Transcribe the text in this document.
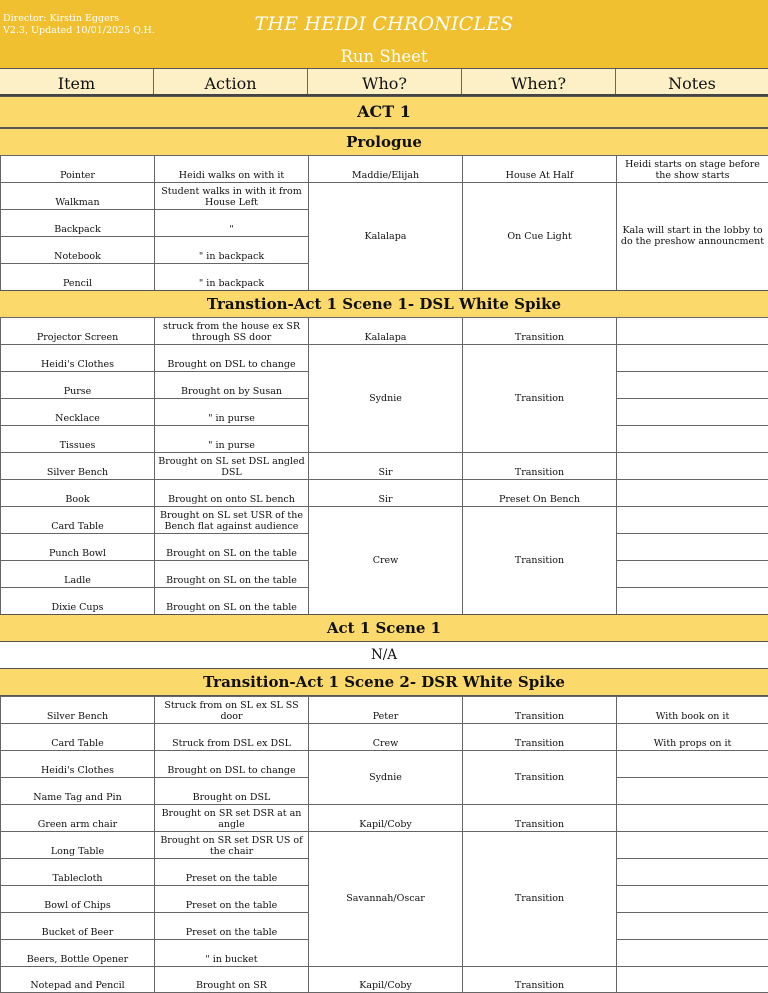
Director: Kirstin Eggers
V2.3, Updated 10/01/2025 Q.H.	THE HEIDI CHRONICLES
Run Sheet
Item	Action	Who?	When?	Notes
ACT 1
Prologue
Pointer	Heidi walks on with it	Maddie/Elijah	House At Half	Heidi starts on stage before the show starts
Walkman	Student walks in with it from House Left	Kalalapa	On Cue Light	Kala will start in the lobby to do the preshow announcment
Backpack	"			
Notebook	" in backpack			
Pencil	" in backpack			
Transtion-Act 1 Scene 1- DSL White Spike
Projector Screen	struck from the house ex SR through SS door	Kalalapa	Transition	
Heidi's Clothes	Brought on DSL to change	Sydnie	Transition	
Purse	Brought on by Susan			
Necklace	" in purse			
Tissues	" in purse			
Silver Bench	Brought on SL set DSL angled DSL	Sir	Transition	
Book	Brought on onto SL bench	Sir	Preset On Bench	
Card Table	Brought on SL set USR of the Bench flat against audience	Crew	Transition	
Punch Bowl	Brought on SL on the table			
Ladle	Brought on SL on the table			
Dixie Cups	Brought on SL on the table			
Act 1 Scene 1
N/A
Transition-Act 1 Scene 2- DSR White Spike
Silver Bench	Struck from on SL ex SL SS door	Peter	Transition	With book on it
Card Table	Struck from DSL ex DSL	Crew	Transition	With props on it
Heidi's Clothes	Brought on DSL to change	Sydnie	Transition	
Name Tag and Pin	Brought on DSL			
Green arm chair	Brought on SR set DSR at an angle	Kapil/Coby	Transition	
Long Table	Brought on SR set DSR US of the chair	Savannah/Oscar	Transition	
Tablecloth	Preset on the table			
Bowl of Chips	Preset on the table			
Bucket of Beer	Preset on the table			
Beers, Bottle Opener	" in bucket			
Notepad and Pencil	Brought on SR	Kapil/Coby	Transition	
